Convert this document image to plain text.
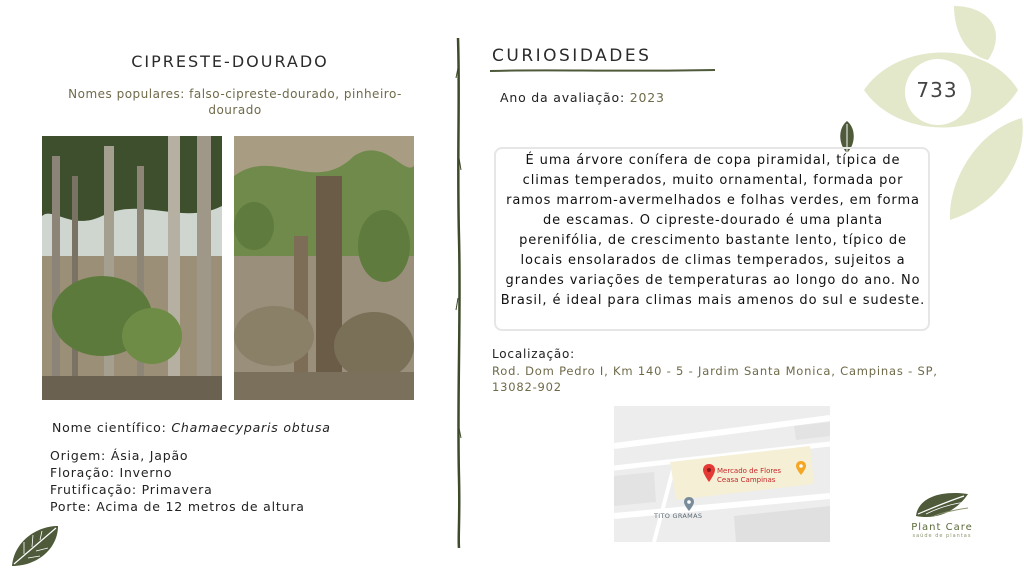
733
CIPRESTE-DOURADO
Nomes populares: falso-cipreste-dourado, pinheiro-dourado
Nome científico: Chamaecyparis obtusa
Origem: Ásia, Japão
Floração: Inverno
Frutificação: Primavera
Porte: Acima de 12 metros de altura
CURIOSIDADES
Ano da avaliação: 2023
É uma árvore conífera de copa piramidal, típica de climas temperados, muito ornamental, formada por ramos marrom-avermelhados e folhas verdes, em forma de escamas. O cipreste-dourado é uma planta perenifólia, de crescimento bastante lento, típico de locais ensolarados de climas temperados, sujeitos a grandes variações de temperaturas ao longo do ano. No Brasil, é ideal para climas mais amenos do sul e sudeste.
Localização:
Rod. Dom Pedro I, Km 140 - 5 - Jardim Santa Monica, Campinas - SP, 13082-902
Mercado de Flores
Ceasa Campinas
TITO GRAMAS
Plant Care
saúde de plantas
